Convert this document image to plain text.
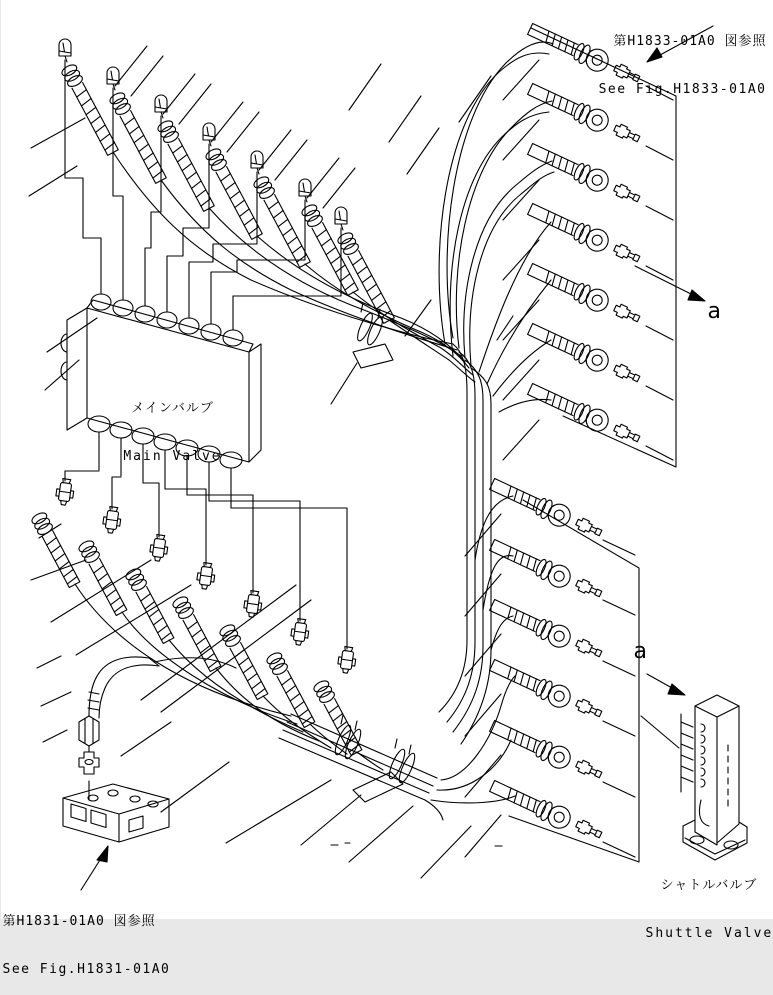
第H1833-01A0 図参照

See Fig.H1833-01A0

第H1831-01A0 図参照

See Fig.H1831-01A0

メインバルブ

Main Valve

シャトルバルブ

Shuttle Valve

a
a
